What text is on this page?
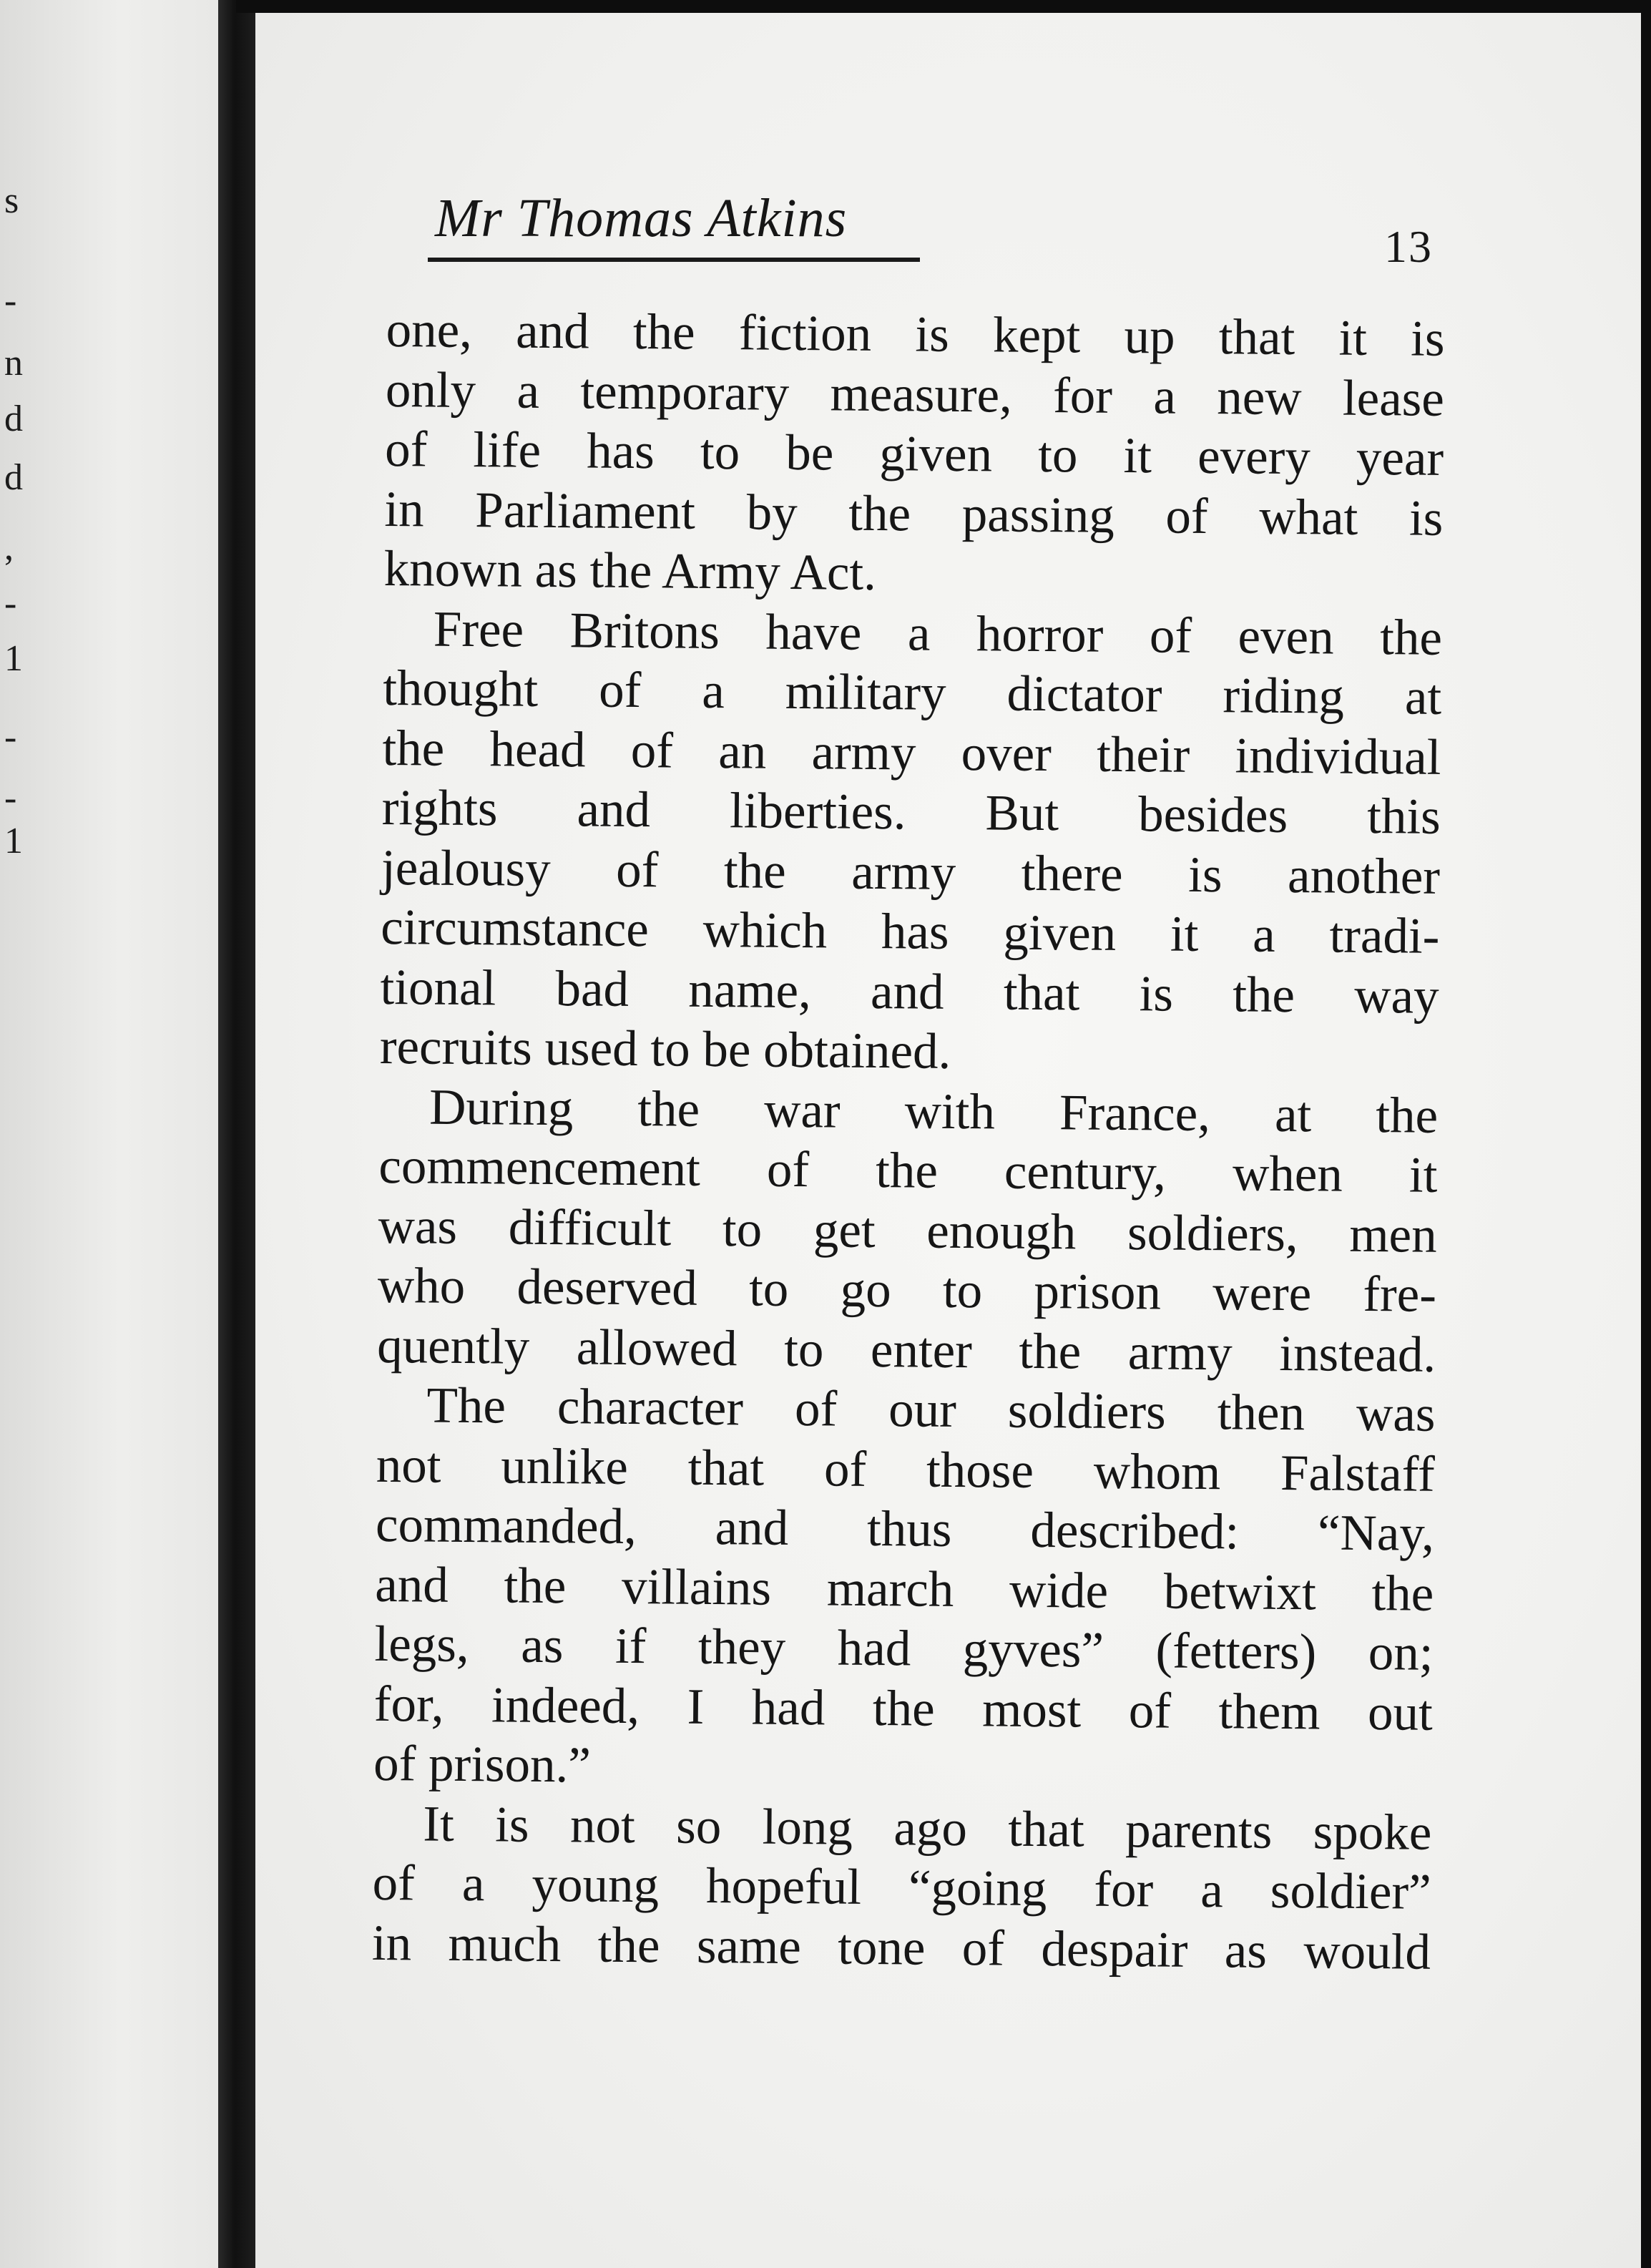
s
-
n
d
d
,
-
1
-
-
1
Mr Thomas Atkins	13
one, and the fiction is kept up that it is
only a temporary measure, for a new lease
of life has to be given to it every year
in Parliament by the passing of what is
known as the Army Act.
Free Britons have a horror of even the
thought of a military dictator riding at
the head of an army over their individual
rights and liberties. But besides this
jealousy of the army there is another
circumstance which has given it a tradi-
tional bad name, and that is the way
recruits used to be obtained.
During the war with France, at the
commencement of the century, when it
was difficult to get enough soldiers, men
who deserved to go to prison were fre-
quently allowed to enter the army instead.
The character of our soldiers then was
not unlike that of those whom Falstaff
commanded, and thus described: “Nay,
and the villains march wide betwixt the
legs, as if they had gyves” (fetters) on;
for, indeed, I had the most of them out
of prison.”
It is not so long ago that parents spoke
of a young hopeful “going for a soldier”
in much the same tone of despair as would
